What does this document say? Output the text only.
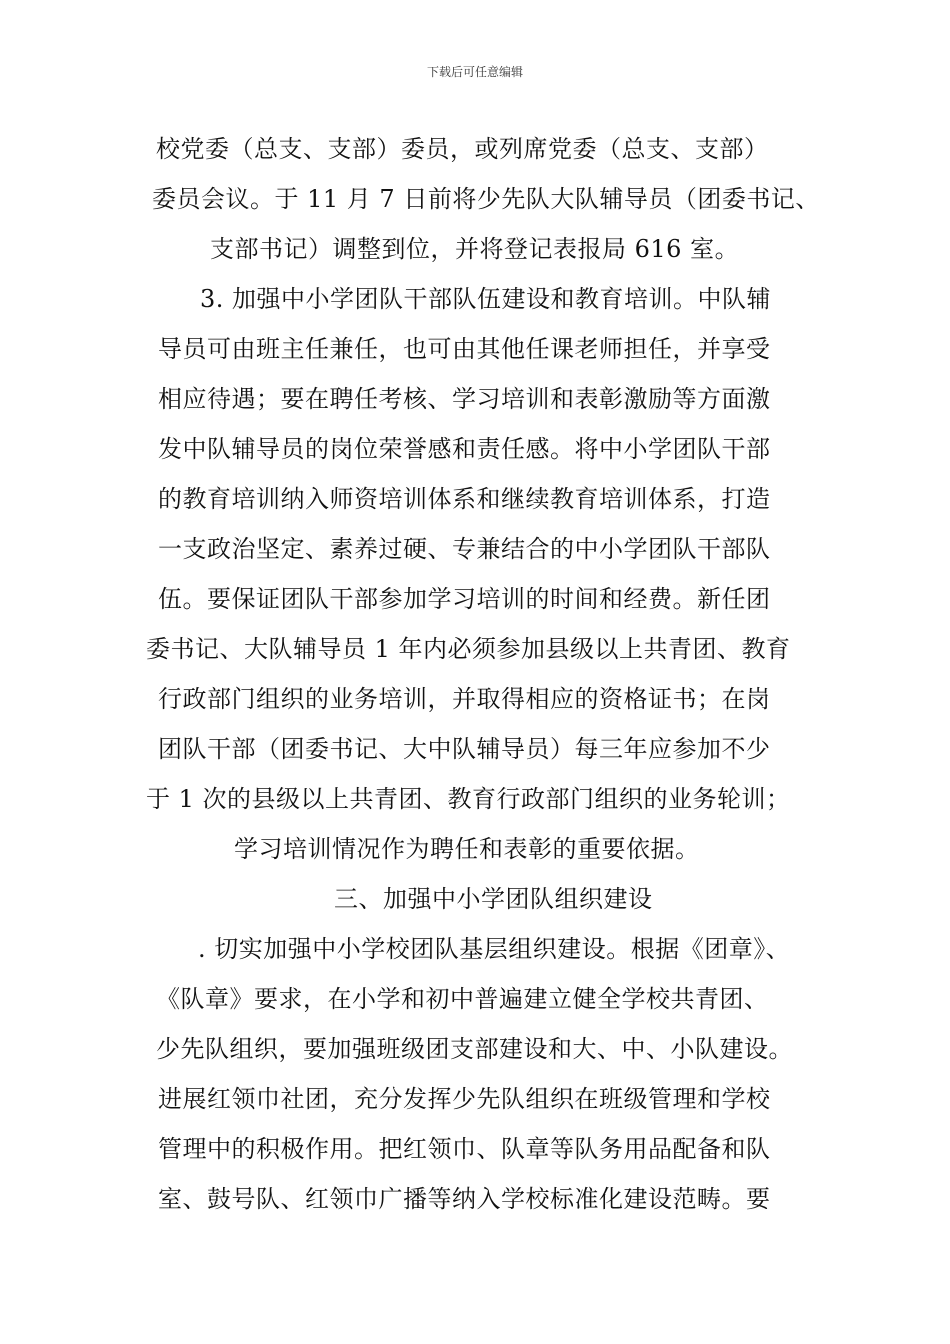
下载后可任意编辑
校党委（总支、支部）委员，或列席党委（总支、支部）
委员会议。于 11 月 7 日前将少先队大队辅导员（团委书记、
支部书记）调整到位，并将登记表报局 616 室。
3. 加强中小学团队干部队伍建设和教育培训。中队辅
导员可由班主任兼任，也可由其他任课老师担任，并享受
相应待遇；要在聘任考核、学习培训和表彰激励等方面激
发中队辅导员的岗位荣誉感和责任感。将中小学团队干部
的教育培训纳入师资培训体系和继续教育培训体系，打造
一支政治坚定、素养过硬、专兼结合的中小学团队干部队
伍。要保证团队干部参加学习培训的时间和经费。新任团
委书记、大队辅导员 1 年内必须参加县级以上共青团、教育
行政部门组织的业务培训，并取得相应的资格证书；在岗
团队干部（团委书记、大中队辅导员）每三年应参加不少
于 1 次的县级以上共青团、教育行政部门组织的业务轮训；
学习培训情况作为聘任和表彰的重要依据。
三、加强中小学团队组织建设
. 切实加强中小学校团队基层组织建设。根据《团章》、
《队章》要求，在小学和初中普遍建立健全学校共青团、
少先队组织，要加强班级团支部建设和大、中、小队建设。
进展红领巾社团，充分发挥少先队组织在班级管理和学校
管理中的积极作用。把红领巾、队章等队务用品配备和队
室、鼓号队、红领巾广播等纳入学校标准化建设范畴。要
